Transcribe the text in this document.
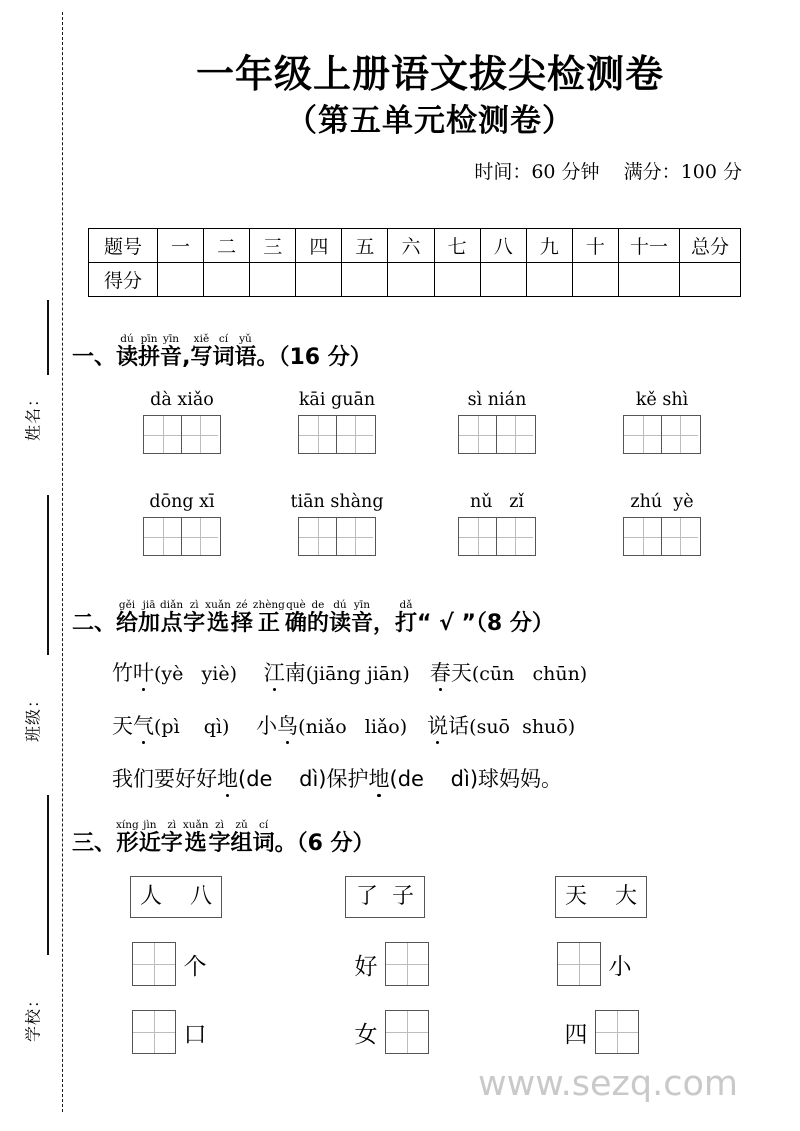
姓名：
班级：
学校：
一年级上册语文拔尖检测卷
（第五单元检测卷）
时间：60 分钟    满分：100 分
题号	一	二	三	四	五	六	七	八	九	十	十一	总分
得分												
一、
dú
读
pīn
拼
yīn
音
,
xiě
写
cí
词
yǔ
语 。（16 分）
dà xiǎo	kāi guān	sì nián	kě shì
dōng xī	tiān shàng	nǔ   zǐ	zhú  yè
二、
gěi
给
jiā
加
diǎn
点
zì
字
xuǎn
选
zé
择
zhèng
正
què
确
de
的
dú
读
yīn
音
，
dǎ
打 “ √ ”（8 分）
竹叶(yè   yiè) 江南(jiāng jiān) 春天(cūn   chūn)
天气(pì    qì) 小鸟(niǎo   liǎo) 说话(suō  shuō)
我们要好好地(de    dì)保护地(de    dì)球妈妈。
三、
xíng
形
jìn
近
zì
字
xuǎn
选
zì
字
zǔ
组
cí
词 。（6 分）
人    八
个
口
了  子
好
女
天    大
小
四
www.sezq.com
